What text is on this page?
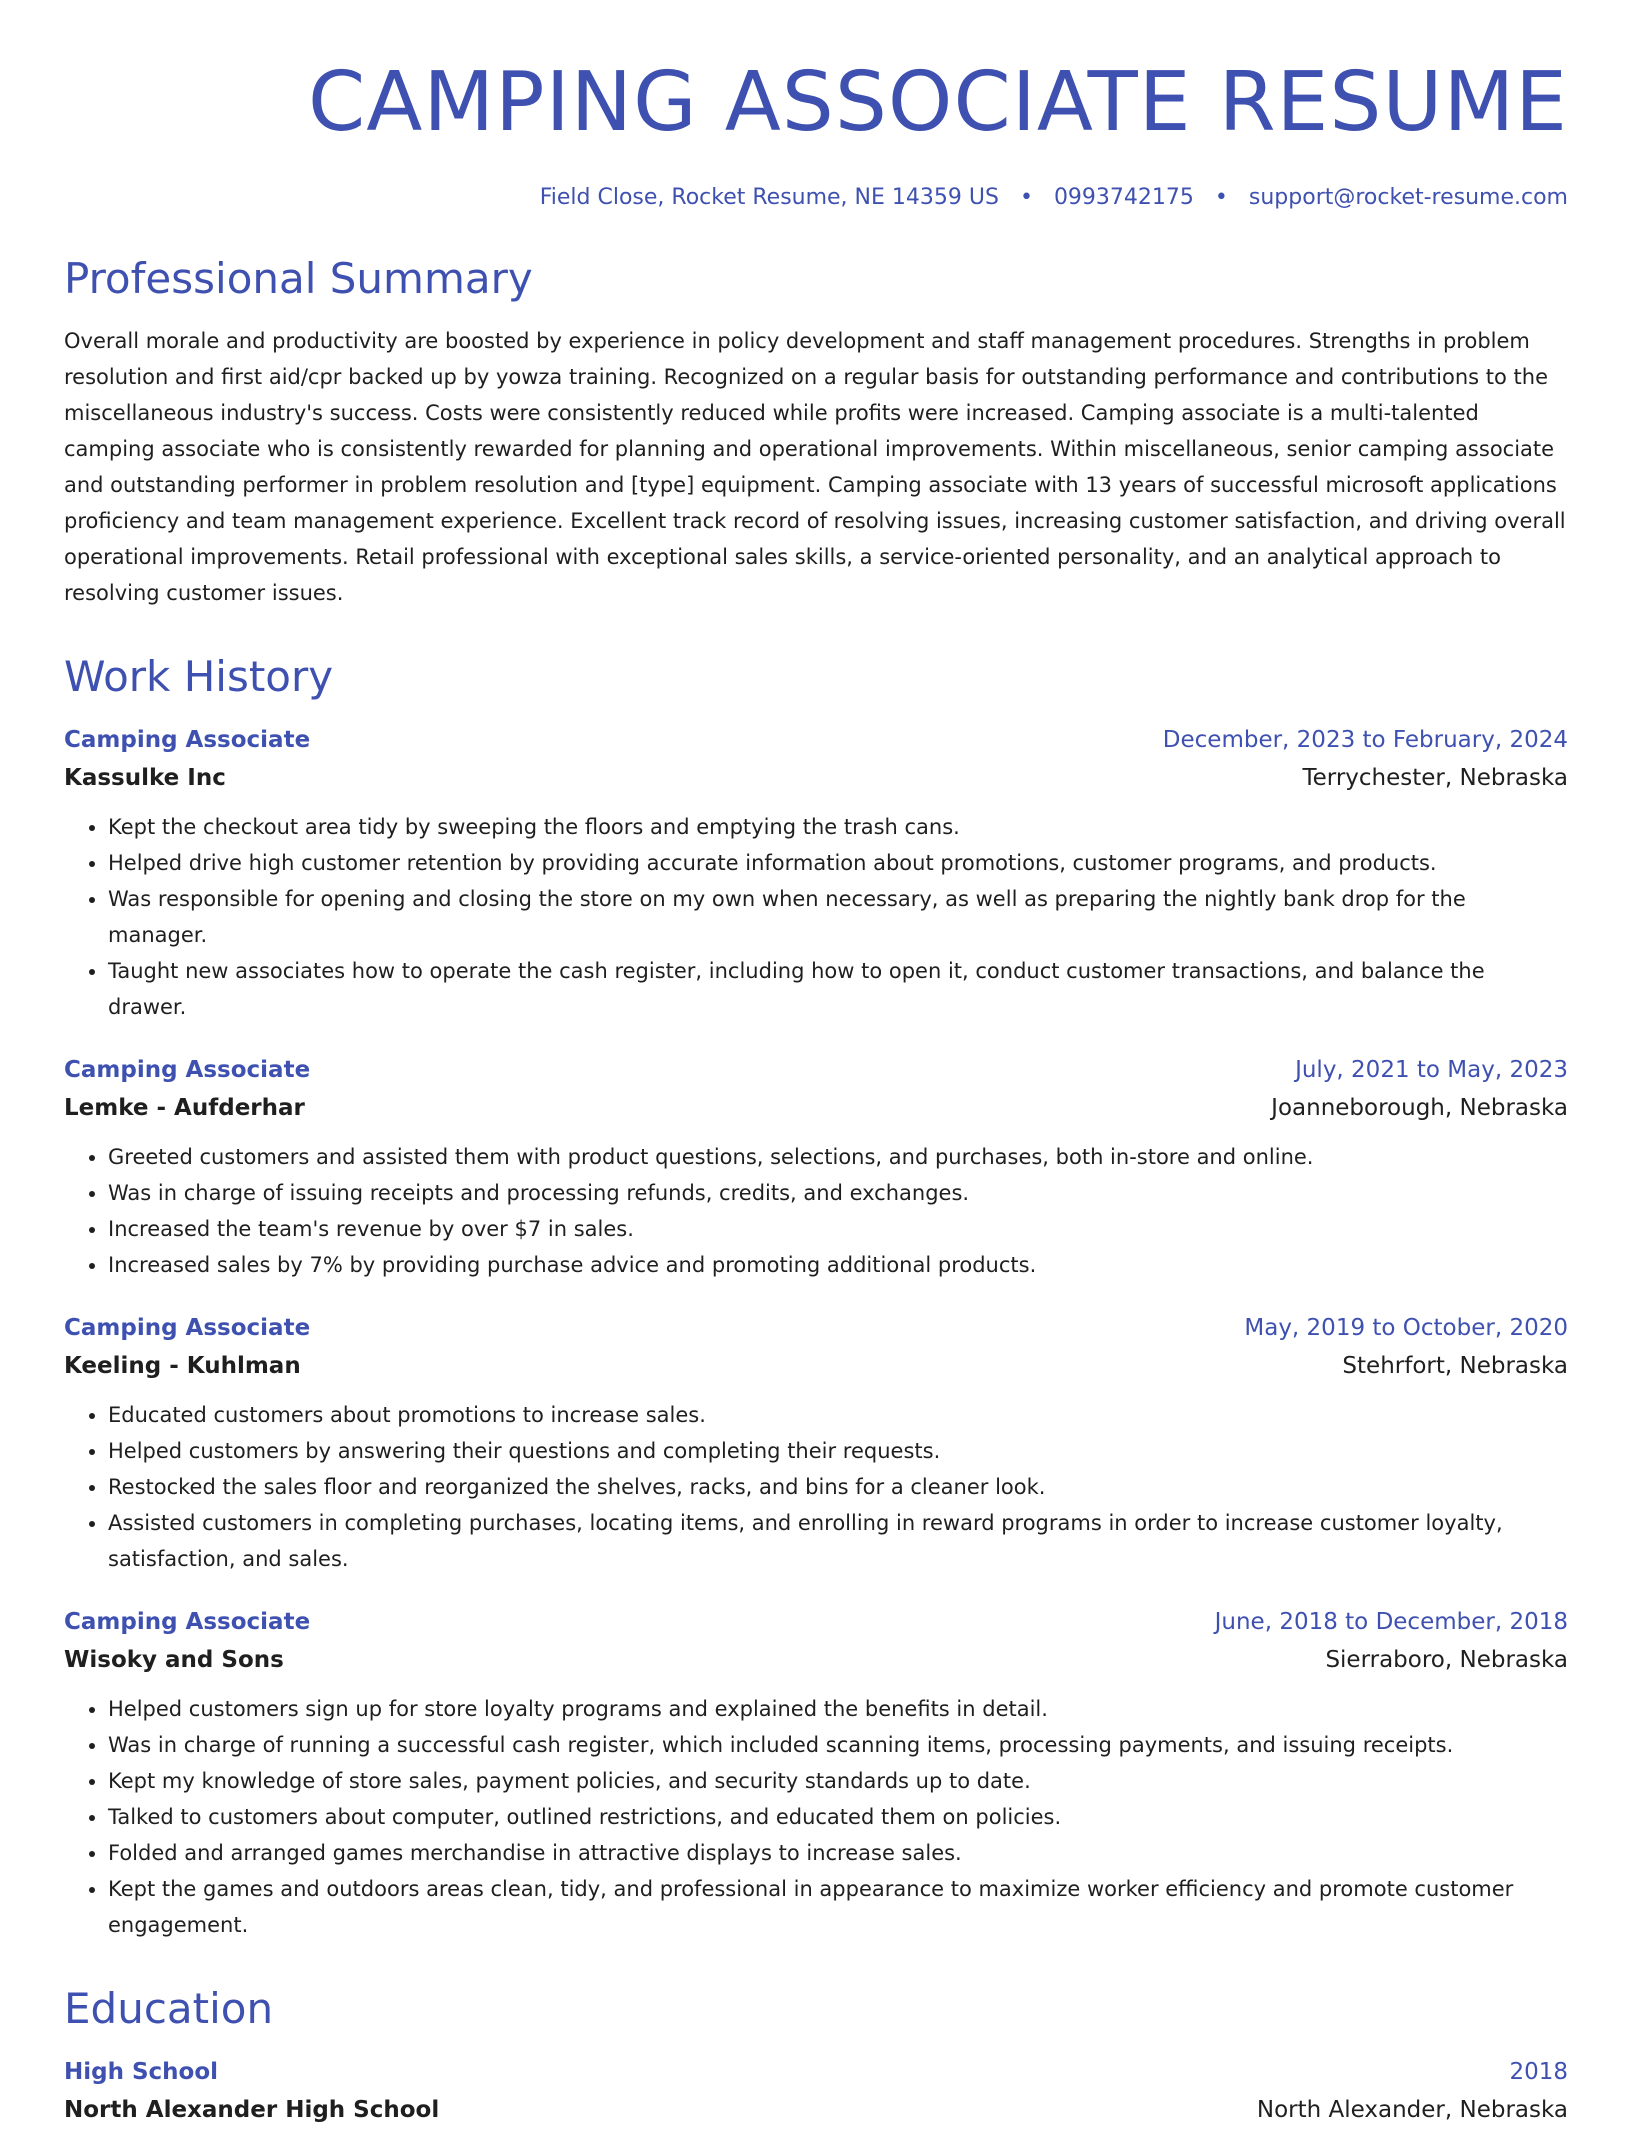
CAMPING ASSOCIATE RESUME
Field Close, Rocket Resume, NE 14359 US • 0993742175 • support@rocket-resume.com
Professional Summary

Overall morale and productivity are boosted by experience in policy development and staff management procedures. Strengths in problem resolution and first aid/cpr backed up by yowza training. Recognized on a regular basis for outstanding performance and contributions to the miscellaneous industry's success. Costs were consistently reduced while profits were increased. Camping associate is a multi-talented camping associate who is consistently rewarded for planning and operational improvements. Within miscellaneous, senior camping associate and outstanding performer in problem resolution and [type] equipment. Camping associate with 13 years of successful microsoft applications proficiency and team management experience. Excellent track record of resolving issues, increasing customer satisfaction, and driving overall operational improvements. Retail professional with exceptional sales skills, a service-oriented personality, and an analytical approach to resolving customer issues.

Work History
Camping Associate	December, 2023 to February, 2024
Kassulke Inc	Terrychester, Nebraska
• Kept the checkout area tidy by sweeping the floors and emptying the trash cans.
• Helped drive high customer retention by providing accurate information about promotions, customer programs, and products.
• Was responsible for opening and closing the store on my own when necessary, as well as preparing the nightly bank drop for the manager.
• Taught new associates how to operate the cash register, including how to open it, conduct customer transactions, and balance the drawer.
Camping Associate	July, 2021 to May, 2023
Lemke - Aufderhar	Joanneborough, Nebraska
• Greeted customers and assisted them with product questions, selections, and purchases, both in-store and online.
• Was in charge of issuing receipts and processing refunds, credits, and exchanges.
• Increased the team's revenue by over $7 in sales.
• Increased sales by 7% by providing purchase advice and promoting additional products.
Camping Associate	May, 2019 to October, 2020
Keeling - Kuhlman	Stehrfort, Nebraska
• Educated customers about promotions to increase sales.
• Helped customers by answering their questions and completing their requests.
• Restocked the sales floor and reorganized the shelves, racks, and bins for a cleaner look.
• Assisted customers in completing purchases, locating items, and enrolling in reward programs in order to increase customer loyalty, satisfaction, and sales.
Camping Associate	June, 2018 to December, 2018
Wisoky and Sons	Sierraboro, Nebraska
• Helped customers sign up for store loyalty programs and explained the benefits in detail.
• Was in charge of running a successful cash register, which included scanning items, processing payments, and issuing receipts.
• Kept my knowledge of store sales, payment policies, and security standards up to date.
• Talked to customers about computer, outlined restrictions, and educated them on policies.
• Folded and arranged games merchandise in attractive displays to increase sales.
• Kept the games and outdoors areas clean, tidy, and professional in appearance to maximize worker efficiency and promote customer engagement.
Education
High School	2018
North Alexander High School	North Alexander, Nebraska
